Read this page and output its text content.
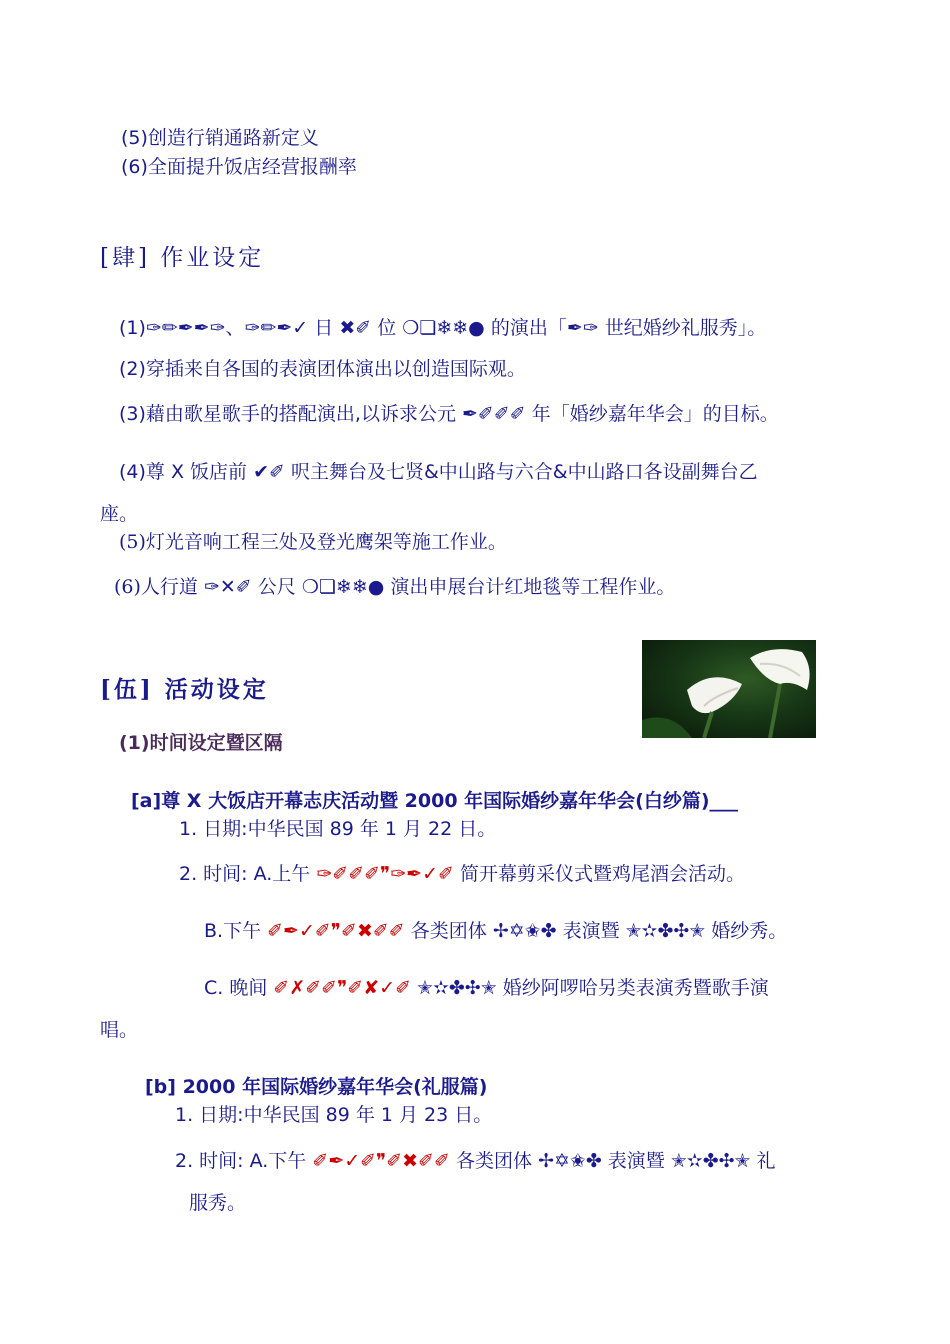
(5)创造行销通路新定义
(6)全面提升饭店经营报酬率
[肆] 作业设定
(1)✑✏✒✒✑、✑✏✒✓ 日 ✖✐ 位 ❍❏❄❄● 的演出「✒✑ 世纪婚纱礼服秀」。
(2)穿插来自各国的表演团体演出以创造国际观。
(3)藉由歌星歌手的搭配演出,以诉求公元 ✒✐✐✐ 年「婚纱嘉年华会」的目标。
(4)尊 X 饭店前 ✔✐ 呎主舞台及七贤&中山路与六合&中山路口各设副舞台乙
座。
(5)灯光音响工程三处及登光鹰架等施工作业。
(6)人行道 ✑✕✐ 公尺 ❍❏❄❄● 演出申展台计红地毯等工程作业。
[伍] 活动设定
(1)时间设定暨区隔
[a]尊 X 大饭店开幕志庆活动暨 2000 年国际婚纱嘉年华会(白纱篇)___
1. 日期:中华民国 89 年 1 月 22 日。
2. 时间: A.上午 ✑✐✐✐❞✑✒✓✐ 简开幕剪采仪式暨鸡尾酒会活动。
B.下午 ✐✒✓✐❞✐✖✐✐ 各类团体 ✢✡✬✤ 表演暨 ✭✫✤✣✭ 婚纱秀。
C. 晚间 ✐✗✐✐❞✐✘✓✐ ✭✫✤✣✭ 婚纱阿啰哈另类表演秀暨歌手演
唱。
[b] 2000 年国际婚纱嘉年华会(礼服篇)
1. 日期:中华民国 89 年 1 月 23 日。
2. 时间: A.下午 ✐✒✓✐❞✐✖✐✐ 各类团体 ✢✡✬✤ 表演暨 ✭✫✤✣✭ 礼
服秀。
